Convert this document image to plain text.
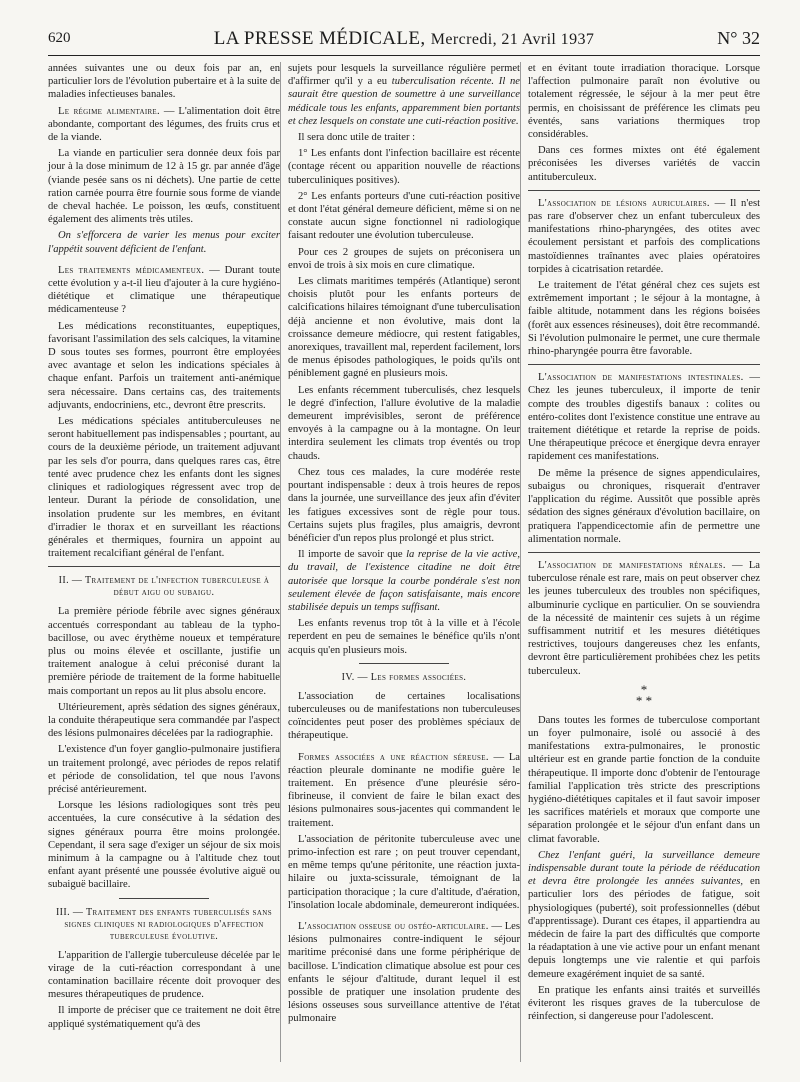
620	LA PRESSE MÉDICALE, Mercredi, 21 Avril 1937	N° 32

années suivantes une ou deux fois par an, en particulier lors de l'évolution pubertaire et à la suite de maladies infectieuses banales.

Le régime alimentaire. — L'alimentation doit être abondante, comportant des légumes, des fruits crus et de la viande.

La viande en particulier sera donnée deux fois par jour à la dose minimum de 12 à 15 gr. par année d'âge (viande pesée sans os ni déchets). Une partie de cette ration carnée pourra être fournie sous forme de viande de cheval hachée. Le poisson, les œufs, constituent également des aliments très utiles.

On s'efforcera de varier les menus pour exciter l'appétit souvent déficient de l'enfant.

Les traitements médicamenteux. — Durant toute cette évolution y a-t-il lieu d'ajouter à la cure hygiéno-diététique et climatique une thérapeutique médicamenteuse ?

Les médications reconstituantes, eupeptiques, favorisant l'assimilation des sels calciques, la vitamine D sous toutes ses formes, pourront être employées avec avantage et selon les indications spéciales à chaque enfant. Parfois un traitement anti-anémique sera nécessaire. Dans certains cas, des traitements adjuvants, endocriniens, etc., devront être prescrits.

Les médications spéciales antituberculeuses ne seront habituellement pas indispensables ; pourtant, au cours de la deuxième période, un traitement adjuvant par les sels d'or pourra, dans quelques rares cas, être tenté avec prudence chez les enfants dont les signes cliniques et radiologiques régressent avec trop de lenteur. Durant la période de consolidation, une insolation prudente sur les membres, en évitant d'irradier le thorax et en surveillant les réactions générales et thermiques, fournira un appoint au traitement recalcifiant général de l'enfant.

II. — Traitement de l'infection tuberculeuse à début aigu ou subaigu.

La première période fébrile avec signes généraux accentués correspondant au tableau de la typho-bacillose, ou avec érythème noueux et température plus ou moins élevée et oscillante, justifie un traitement analogue à celui préconisé durant la première période de traitement de la forme habituelle mais comportant un repos au lit plus absolu encore.

Ultérieurement, après sédation des signes généraux, la conduite thérapeutique sera commandée par l'aspect des lésions pulmonaires décelées par la radiographie.

L'existence d'un foyer ganglio-pulmonaire justifiera un traitement prolongé, avec périodes de repos relatif et période de consolidation, tel que nous l'avons précisé antérieurement.

Lorsque les lésions radiologiques sont très peu accentuées, la cure consécutive à la sédation des signes généraux pourra être moins prolongée. Cependant, il sera sage d'exiger un séjour de six mois minimum à la campagne ou à l'altitude chez tout enfant ayant présenté une poussée évolutive aiguë ou subaiguë bacillaire.

III. — Traitement des enfants tuberculisés sans signes cliniques ni radiologiques d'affection tuberculeuse évolutive.

L'apparition de l'allergie tuberculeuse décelée par le virage de la cuti-réaction correspondant à une contamination bacillaire récente doit provoquer des mesures thérapeutiques de prudence.

Il importe de préciser que ce traitement ne doit être appliqué systématiquement qu'à des

sujets pour lesquels la surveillance régulière permet d'affirmer qu'il y a eu tuberculisation récente. Il ne saurait être question de soumettre à une surveillance médicale tous les enfants, apparemment bien portants et chez lesquels on constate une cuti-réaction positive.

Il sera donc utile de traiter :

1° Les enfants dont l'infection bacillaire est récente (contage récent ou apparition nouvelle de réactions tuberculiniques positives).

2° Les enfants porteurs d'une cuti-réaction positive et dont l'état général demeure déficient, même si on ne constate aucun signe fonctionnel ni radiologique faisant redouter une évolution tuberculeuse.

Pour ces 2 groupes de sujets on préconisera un envoi de trois à six mois en cure climatique.

Les climats maritimes tempérés (Atlantique) seront choisis plutôt pour les enfants porteurs de calcifications hilaires témoignant d'une tuberculisation déjà ancienne et non évolutive, mais dont la croissance demeure médiocre, qui restent fatigables, anorexiques, travaillent mal, reperdent facilement, lors de menus épisodes pathologiques, le poids qu'ils ont péniblement gagné en plusieurs mois.

Les enfants récemment tuberculisés, chez lesquels le degré d'infection, l'allure évolutive de la maladie demeurent imprévisibles, seront de préférence envoyés à la campagne ou à la montagne. On leur interdira seulement les climats trop éventés ou trop chauds.

Chez tous ces malades, la cure modérée reste pourtant indispensable : deux à trois heures de repos dans la journée, une surveillance des jeux afin d'éviter les fatigues excessives sont de règle pour tous. Certains sujets plus fragiles, plus amaigris, devront bénéficier d'un repos plus prolongé et plus strict.

Il importe de savoir que la reprise de la vie active, du travail, de l'existence citadine ne doit être autorisée que lorsque la courbe pondérale s'est non seulement élevée de façon satisfaisante, mais encore stabilisée depuis un temps suffisant.

Les enfants revenus trop tôt à la ville et à l'école reperdent en peu de semaines le bénéfice qu'ils n'ont acquis qu'en plusieurs mois.

IV. — Les formes associées.

L'association de certaines localisations tuberculeuses ou de manifestations non tuberculeuses coïncidentes peut poser des problèmes spéciaux de thérapeutique.

Formes associées a une réaction séreuse. — La réaction pleurale dominante ne modifie guère le traitement. En présence d'une pleurésie séro-fibrineuse, il convient de faire le bilan exact des lésions pulmonaires sous-jacentes qui commandent le traitement.

L'association de péritonite tuberculeuse avec une primo-infection est rare ; on peut trouver cependant, en même temps qu'une péritonite, une réaction juxta-hilaire ou juxta-scissurale, témoignant de la participation thoracique ; la cure d'altitude, d'aération, l'insolation locale abdominale, demeureront indiquées.

L'association osseuse ou ostéo-articulaire. — Les lésions pulmonaires contre-indiquent le séjour maritime préconisé dans une forme périphérique de bacillose. L'indication climatique absolue est pour ces enfants le séjour d'altitude, durant lequel il est possible de pratiquer une insolation prudente des lésions osseuses sous surveillance attentive de l'état pulmonaire

et en évitant toute irradiation thoracique. Lorsque l'affection pulmonaire paraît non évolutive ou totalement régressée, le séjour à la mer peut être permis, en choisissant de préférence les climats peu éventés, sans variations thermiques trop considérables.

Dans ces formes mixtes ont été également préconisées les diverses variétés de vaccin antituberculeux.

L'association de lésions auriculaires. — Il n'est pas rare d'observer chez un enfant tuberculeux des manifestations rhino-pharyngées, des otites avec écoulement persistant et parfois des complications mastoïdiennes traînantes avec plaies opératoires torpides à cicatrisation retardée.

Le traitement de l'état général chez ces sujets est extrêmement important ; le séjour à la montagne, à faible altitude, notamment dans les régions boisées (forêt aux essences résineuses), doit être recommandé. Si l'évolution pulmonaire le permet, une cure thermale rhino-pharyngée pourra être favorable.

L'association de manifestations intestinales. — Chez les jeunes tuberculeux, il importe de tenir compte des troubles digestifs banaux : colites ou entéro-colites dont l'existence constitue une entrave au traitement diététique et retarde la reprise de poids. Une thérapeutique précoce et énergique devra enrayer rapidement ces manifestations.

De même la présence de signes appendiculaires, subaigus ou chroniques, risquerait d'entraver l'application du régime. Aussitôt que possible après sédation des signes généraux d'évolution bacillaire, on pratiquera l'appendicectomie afin de permettre une alimentation normale.

L'association de manifestations rénales. — La tuberculose rénale est rare, mais on peut observer chez les jeunes tuberculeux des troubles non spécifiques, albuminurie cyclique en particulier. On se souviendra de la nécessité de maintenir ces sujets à un régime suffisamment nutritif et les mesures diététiques restrictives, toujours dangereuses chez les enfants, devront être particulièrement prohibées chez les petits tuberculeux.

*
* *

Dans toutes les formes de tuberculose comportant un foyer pulmonaire, isolé ou associé à des manifestations extra-pulmonaires, le pronostic ultérieur est en grande partie fonction de la conduite thérapeutique. Il importe donc d'obtenir de l'entourage familial l'application très stricte des prescriptions hygiéno-diététiques capitales et il faut savoir imposer les sacrifices matériels et moraux que comporte une séparation prolongée et le séjour d'un enfant dans un climat favorable.

Chez l'enfant guéri, la surveillance demeure indispensable durant toute la période de rééducation et devra être prolongée les années suivantes, en particulier lors des périodes de fatigue, soit physiologiques (puberté), soit professionnelles (début d'apprentissage). Durant ces étapes, il appartiendra au médecin de faire la part des difficultés que comporte la réadaptation à une vie active pour un enfant menant depuis longtemps une vie ralentie et qui parfois demeure exagérément inquiet de sa santé.

En pratique les enfants ainsi traités et surveillés éviteront les risques graves de la tuberculose de réinfection, si dangereuse pour l'adolescent.
